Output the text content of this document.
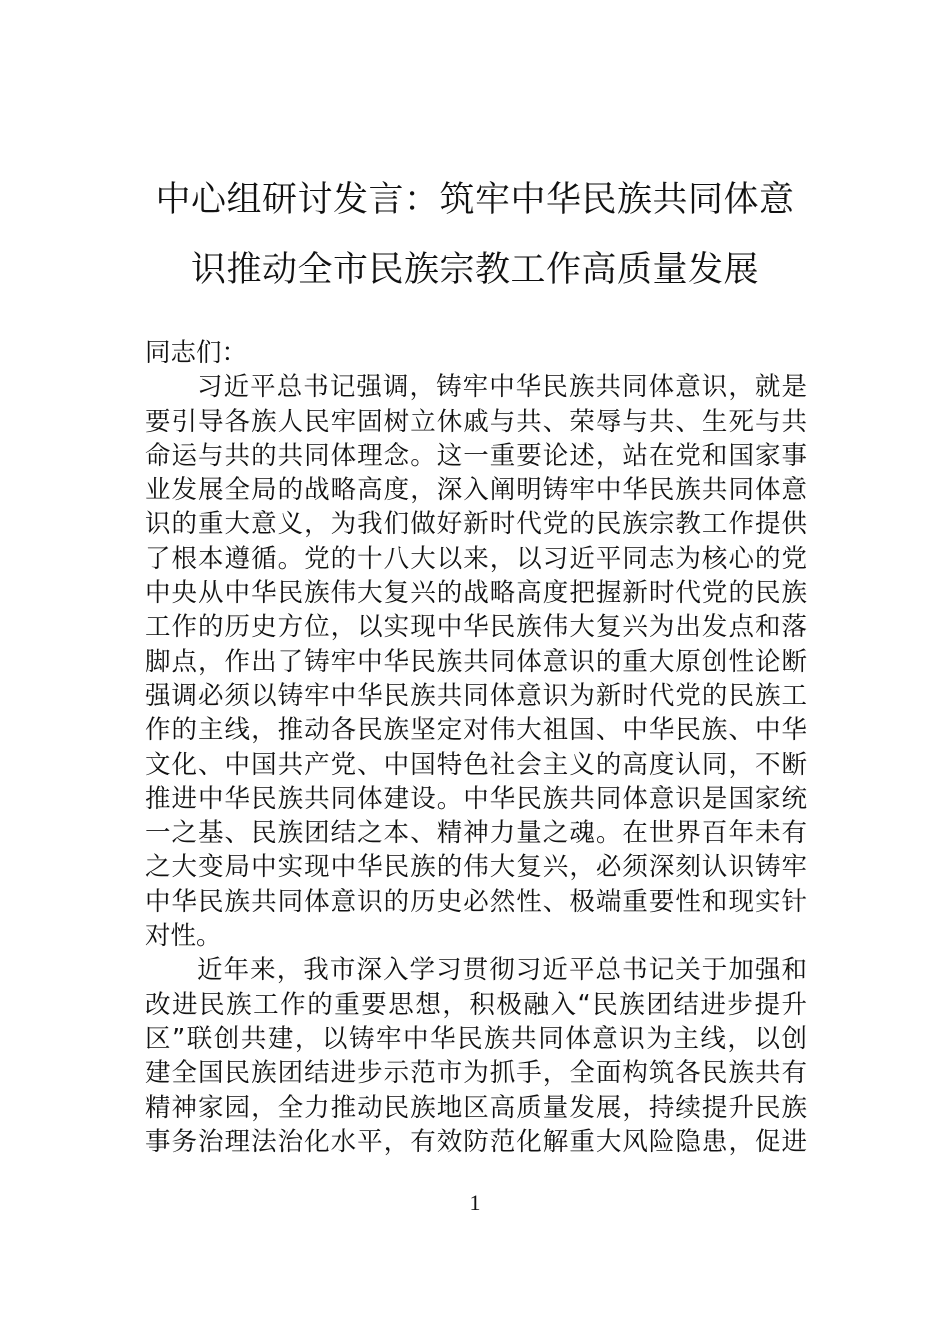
中心组研讨发言：筑牢中华民族共同体意
识推动全市民族宗教工作高质量发展
同志们：
习近平总书记强调，铸牢中华民族共同体意识，就是
要引导各族人民牢固树立休戚与共、荣辱与共、生死与共
命运与共的共同体理念。这一重要论述，站在党和国家事
业发展全局的战略高度，深入阐明铸牢中华民族共同体意
识的重大意义，为我们做好新时代党的民族宗教工作提供
了根本遵循。党的十八大以来，以习近平同志为核心的党
中央从中华民族伟大复兴的战略高度把握新时代党的民族
工作的历史方位，以实现中华民族伟大复兴为出发点和落
脚点，作出了铸牢中华民族共同体意识的重大原创性论断
强调必须以铸牢中华民族共同体意识为新时代党的民族工
作的主线，推动各民族坚定对伟大祖国、中华民族、中华
文化、中国共产党、中国特色社会主义的高度认同，不断
推进中华民族共同体建设。中华民族共同体意识是国家统
一之基、民族团结之本、精神力量之魂。在世界百年未有
之大变局中实现中华民族的伟大复兴，必须深刻认识铸牢
中华民族共同体意识的历史必然性、极端重要性和现实针
对性。
近年来，我市深入学习贯彻习近平总书记关于加强和
改进民族工作的重要思想，积极融入“民族团结进步提升
区”联创共建，以铸牢中华民族共同体意识为主线，以创
建全国民族团结进步示范市为抓手，全面构筑各民族共有
精神家园，全力推动民族地区高质量发展，持续提升民族
事务治理法治化水平，有效防范化解重大风险隐患，促进
1
